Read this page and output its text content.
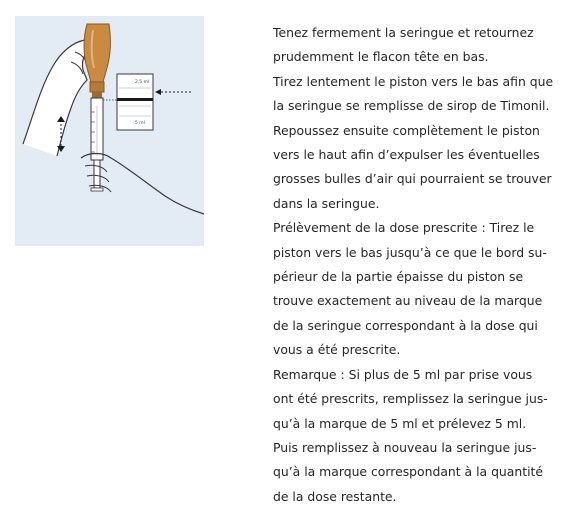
2,5 ml
5 ml
Tenez fermement la seringue et retournez
prudemment le flacon tête en bas.
Tirez lentement le piston vers le bas afin que
la seringue se remplisse de sirop de Timonil.
Repoussez ensuite complètement le piston
vers le haut afin d’expulser les éventuelles
grosses bulles d’air qui pourraient se trouver
dans la seringue.
Prélèvement de la dose prescrite : Tirez le
piston vers le bas jusqu’à ce que le bord su-
périeur de la partie épaisse du piston se
trouve exactement au niveau de la marque
de la seringue correspondant à la dose qui
vous a été prescrite.
Remarque : Si plus de 5 ml par prise vous
ont été prescrits, remplissez la seringue jus-
qu’à la marque de 5 ml et prélevez 5 ml.
Puis remplissez à nouveau la seringue jus-
qu’à la marque correspondant à la quantité
de la dose restante.
